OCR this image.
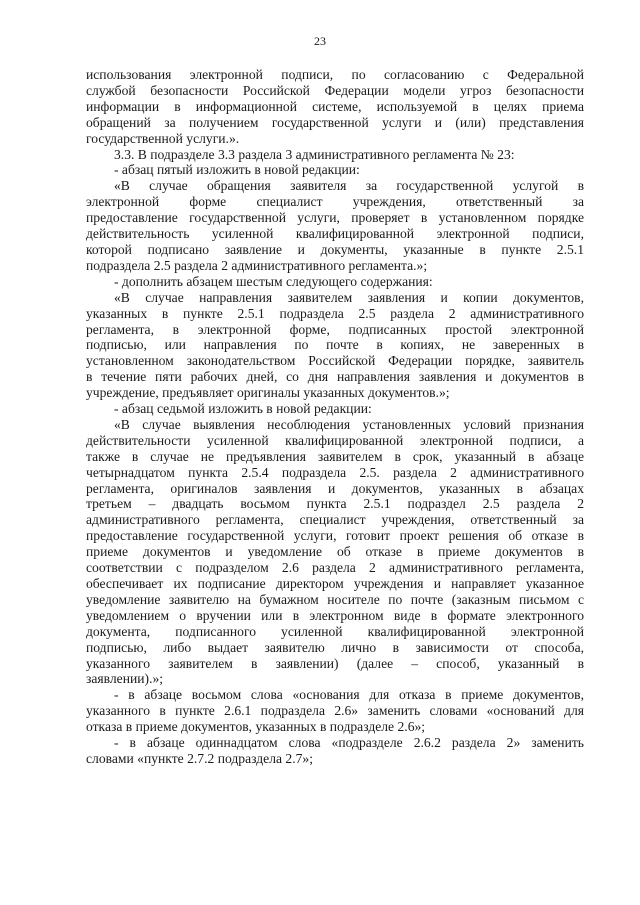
23
использования электронной подписи, по согласованию с Федеральной
службой безопасности Российской Федерации модели угроз безопасности
информации в информационной системе, используемой в целях приема
обращений за получением государственной услуги и (или) представления
государственной услуги.».
3.3. В подразделе 3.3 раздела 3 административного регламента № 23:
- абзац пятый изложить в новой редакции:
«В случае обращения заявителя за государственной услугой в
электронной форме специалист учреждения, ответственный за
предоставление государственной услуги, проверяет в установленном порядке
действительность усиленной квалифицированной электронной подписи,
которой подписано заявление и документы, указанные в пункте 2.5.1
подраздела 2.5 раздела 2 административного регламента.»;
- дополнить абзацем шестым следующего содержания:
«В случае направления заявителем заявления и копии документов,
указанных в пункте 2.5.1 подраздела 2.5 раздела 2 административного
регламента, в электронной форме, подписанных простой электронной
подписью, или направления по почте в копиях, не заверенных в
установленном законодательством Российской Федерации порядке, заявитель
в течение пяти рабочих дней, со дня направления заявления и документов в
учреждение, предъявляет оригиналы указанных документов.»;
- абзац седьмой изложить в новой редакции:
«В случае выявления несоблюдения установленных условий признания
действительности усиленной квалифицированной электронной подписи, а
также в случае не предъявления заявителем в срок, указанный в абзаце
четырнадцатом пункта 2.5.4 подраздела 2.5. раздела 2 административного
регламента, оригиналов заявления и документов, указанных в абзацах
третьем – двадцать восьмом пункта 2.5.1 подраздел 2.5 раздела 2
административного регламента, специалист учреждения, ответственный за
предоставление государственной услуги, готовит проект решения об отказе в
приеме документов и уведомление об отказе в приеме документов в
соответствии с подразделом 2.6 раздела 2 административного регламента,
обеспечивает их подписание директором учреждения и направляет указанное
уведомление заявителю на бумажном носителе по почте (заказным письмом с
уведомлением о вручении или в электронном виде в формате электронного
документа, подписанного усиленной квалифицированной электронной
подписью, либо выдает заявителю лично в зависимости от способа,
указанного заявителем в заявлении) (далее – способ, указанный в
заявлении).»;
- в абзаце восьмом слова «основания для отказа в приеме документов,
указанного в пункте 2.6.1 подраздела 2.6» заменить словами «оснований для
отказа в приеме документов, указанных в подразделе 2.6»;
- в абзаце одиннадцатом слова «подразделе 2.6.2 раздела 2» заменить
словами «пункте 2.7.2 подраздела 2.7»;
